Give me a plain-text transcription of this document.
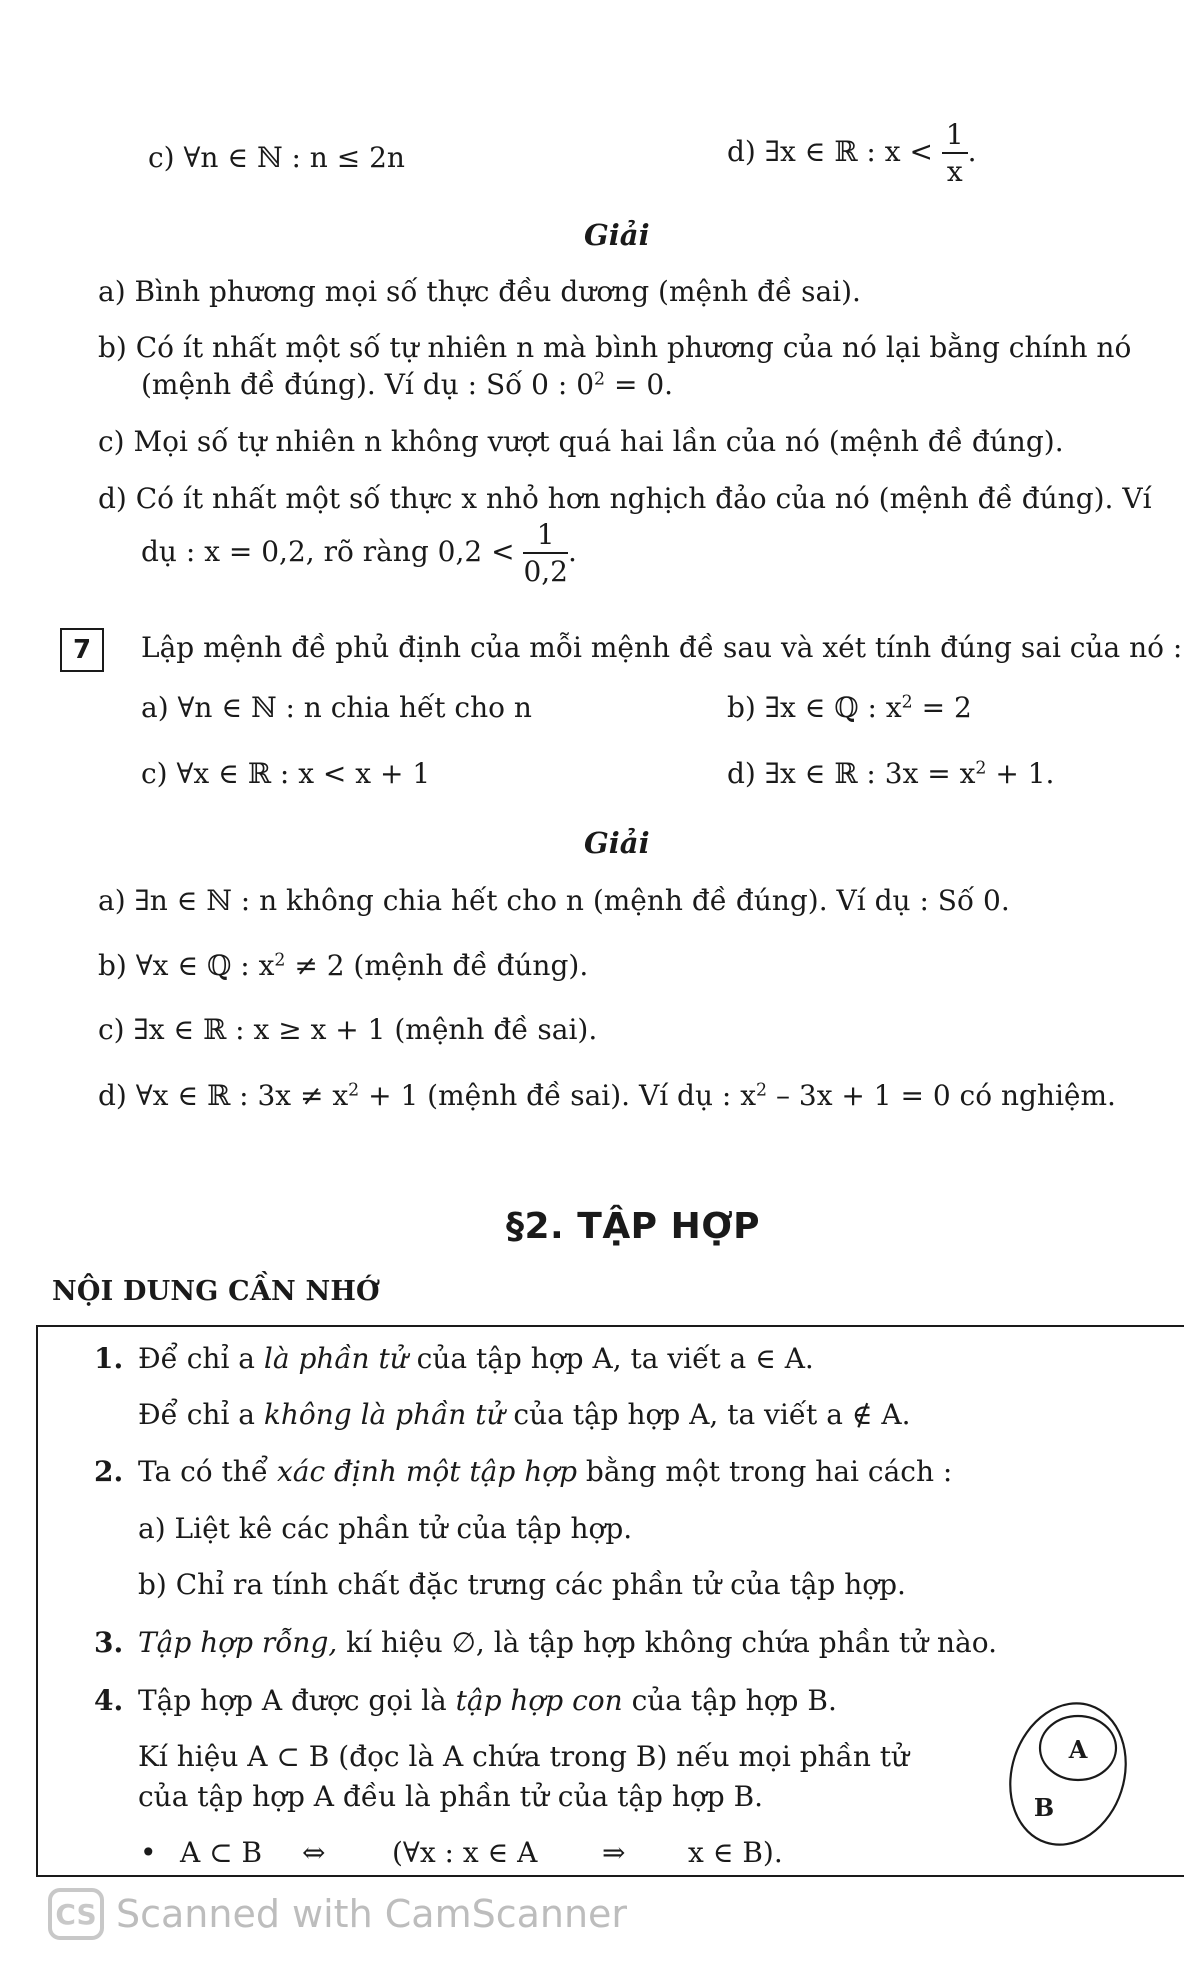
c) ∀n ∈ ℕ : n ≤ 2n	d) ∃x ∈ ℝ : $x < \frac{1}{x}$ .
Giải
a) Bình phương mọi số thực đều dương (mệnh đề sai).
b) Có ít nhất một số tự nhiên n mà bình phương của nó lại bằng chính nó
(mệnh đề đúng). Ví dụ : Số 0 : $0^2 = 0$.
c) Mọi số tự nhiên n không vượt quá hai lần của nó (mệnh đề đúng).
d) Có ít nhất một số thực x nhỏ hơn nghịch đảo của nó (mệnh đề đúng). Ví
dụ : x = 0,2, rõ ràng $0,2 < \frac{1}{0,2}$ .
7	Lập mệnh đề phủ định của mỗi mệnh đề sau và xét tính đúng sai của nó :
a) ∀n ∈ ℕ : n chia hết cho n	b) ∃x ∈ ℚ : $x^2 = 2$
c) ∀x ∈ ℝ : x < x + 1	d) ∃x ∈ ℝ : $3x = x^2 + 1$.
Giải
a) ∃n ∈ ℕ : n không chia hết cho n (mệnh đề đúng). Ví dụ : Số 0.
b) ∀x ∈ ℚ : $x^2 \ne 2$ (mệnh đề đúng).
c) ∃x ∈ ℝ : x ≥ x + 1 (mệnh đề sai).
d) ∀x ∈ ℝ : $3x \ne x^2 + 1$ (mệnh đề sai). Ví dụ : $x^2 - 3x + 1 = 0$ có nghiệm.
§2. TẬP HỢP
NỘI DUNG CẦN NHỚ
1. Để chỉ a là phần tử của tập hợp A, ta viết a ∈ A.
Để chỉ a không là phần tử của tập hợp A, ta viết a ∉ A.
2. Ta có thể xác định một tập hợp bằng một trong hai cách :
a) Liệt kê các phần tử của tập hợp.
b) Chỉ ra tính chất đặc trưng các phần tử của tập hợp.
3. Tập hợp rỗng, kí hiệu ∅, là tập hợp không chứa phần tử nào.
4. Tập hợp A được gọi là tập hợp con của tập hợp B.
Kí hiệu A ⊂ B (đọc là A chứa trong B) nếu mọi phần tử
của tập hợp A đều là phần tử của tập hợp B.
• A ⊂ B ⇔ (∀x : x ∈ A ⇒ x ∈ B).
A
B
CS Scanned with CamScanner
